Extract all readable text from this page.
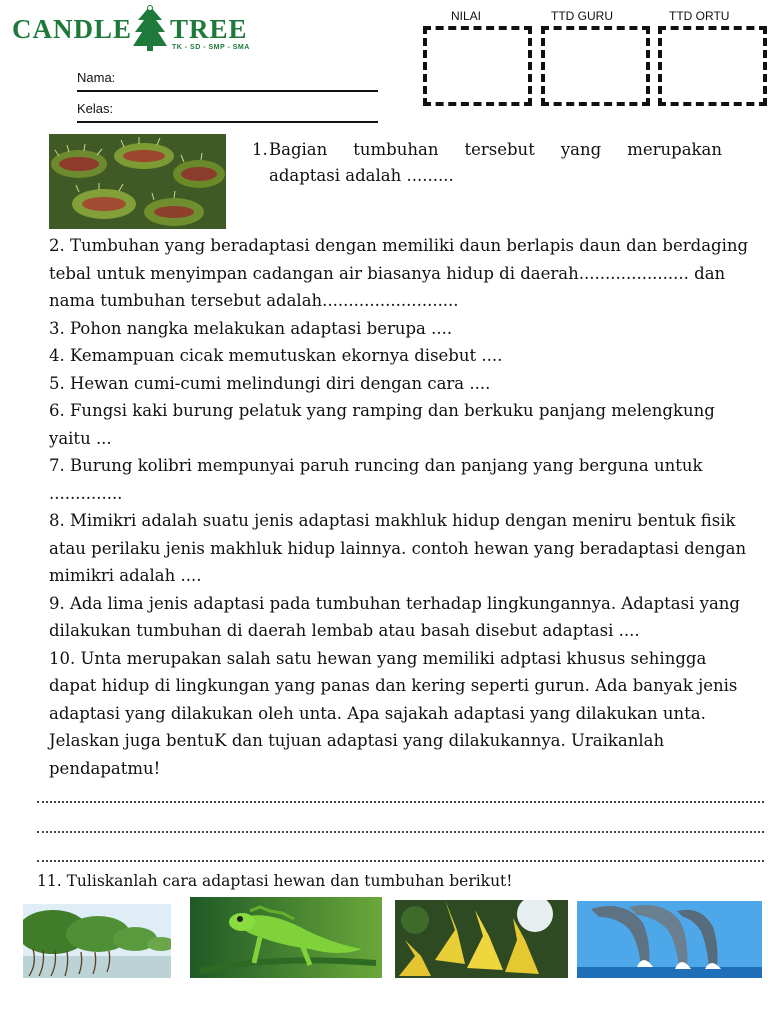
CANDLE TREE
TK - SD - SMP - SMA
NILAI	TTD GURU	TTD ORTU
Nama:
Kelas:
1. Bagian tumbuhan tersebut yang merupakan
adaptasi adalah .........

2. Tumbuhan yang beradaptasi dengan memiliki daun berlapis daun dan berdaging tebal untuk menyimpan cadangan air biasanya hidup di daerah..................... dan nama tumbuhan tersebut adalah..........................

3. Pohon nangka melakukan adaptasi berupa ....

4. Kemampuan cicak memutuskan ekornya disebut ....

5. Hewan cumi-cumi melindungi diri dengan cara ....

6. Fungsi kaki burung pelatuk yang ramping dan berkuku panjang melengkung yaitu ...

7. Burung kolibri mempunyai paruh runcing dan panjang yang berguna untuk ..............

8. Mimikri adalah suatu jenis adaptasi makhluk hidup dengan meniru bentuk fisik atau perilaku jenis makhluk hidup lainnya. contoh hewan yang beradaptasi dengan mimikri adalah ....

9. Ada lima jenis adaptasi pada tumbuhan terhadap lingkungannya. Adaptasi yang dilakukan tumbuhan di daerah lembab atau basah disebut adaptasi ....

10. Unta merupakan salah satu hewan yang memiliki adptasi khusus sehingga dapat hidup di lingkungan yang panas dan kering seperti gurun. Ada banyak jenis adaptasi yang dilakukan oleh unta. Apa sajakah adaptasi yang dilakukan unta. Jelaskan juga bentuK dan tujuan adaptasi yang dilakukannya. Uraikanlah pendapatmu!

11. Tuliskanlah cara adaptasi hewan dan tumbuhan berikut!
